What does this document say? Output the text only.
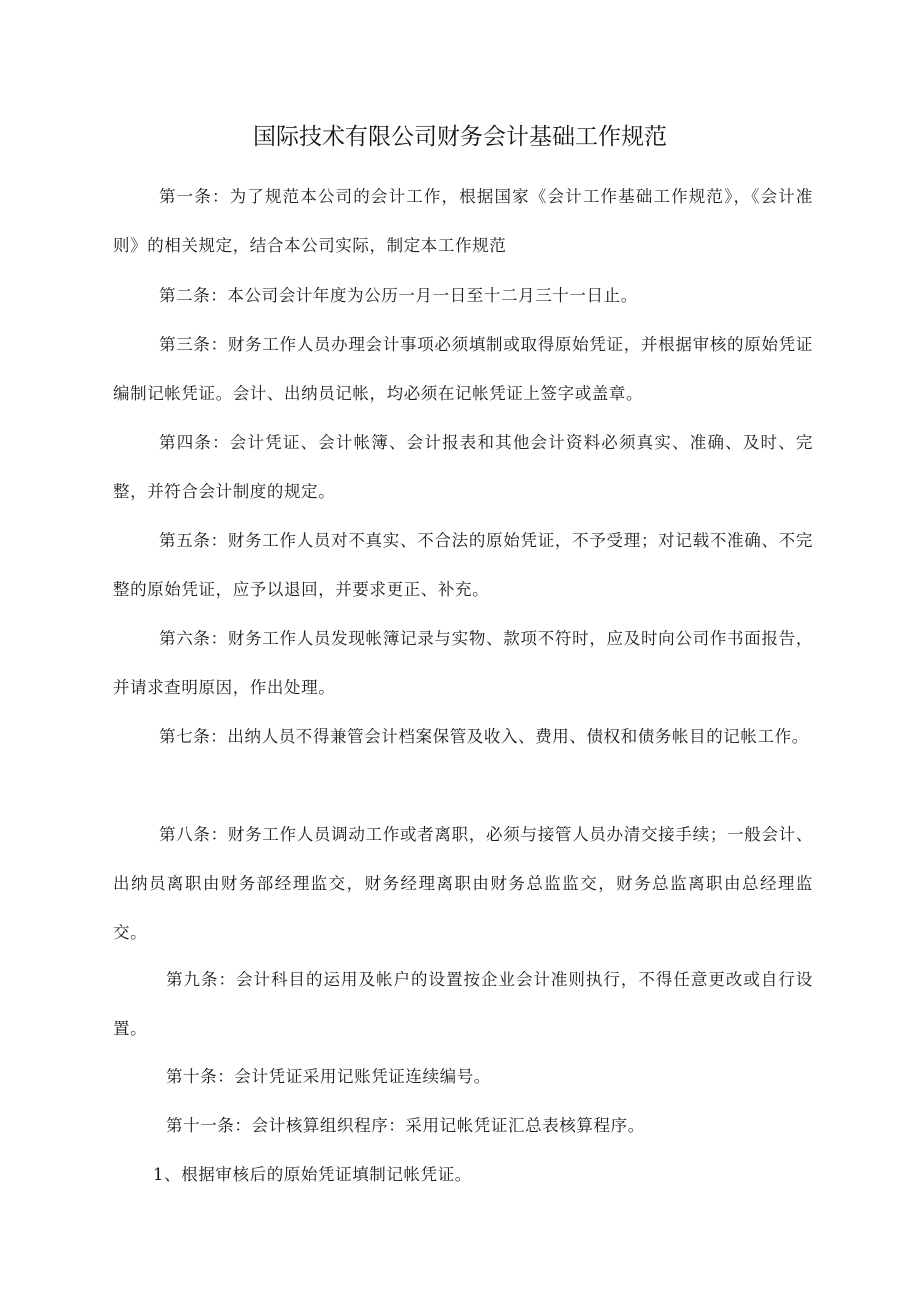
国际技术有限公司财务会计基础工作规范

第一条：为了规范本公司的会计工作，根据国家《会计工作基础工作规范》，《会计准则》的相关规定，结合本公司实际，制定本工作规范

第二条：本公司会计年度为公历一月一日至十二月三十一日止。

第三条：财务工作人员办理会计事项必须填制或取得原始凭证，并根据审核的原始凭证编制记帐凭证。会计、出纳员记帐，均必须在记帐凭证上签字或盖章。

第四条：会计凭证、会计帐簿、会计报表和其他会计资料必须真实、准确、及时、完整，并符合会计制度的规定。

第五条：财务工作人员对不真实、不合法的原始凭证，不予受理；对记载不准确、不完整的原始凭证，应予以退回，并要求更正、补充。

第六条：财务工作人员发现帐簿记录与实物、款项不符时，应及时向公司作书面报告，并请求查明原因，作出处理。

第七条：出纳人员不得兼管会计档案保管及收入、费用、债权和债务帐目的记帐工作。

第八条：财务工作人员调动工作或者离职，必须与接管人员办清交接手续；一般会计、出纳员离职由财务部经理监交，财务经理离职由财务总监监交，财务总监离职由总经理监交。

第九条：会计科目的运用及帐户的设置按企业会计准则执行，不得任意更改或自行设置。

第十条：会计凭证采用记账凭证连续编号。

第十一条：会计核算组织程序：采用记帐凭证汇总表核算程序。

1、根据审核后的原始凭证填制记帐凭证。
